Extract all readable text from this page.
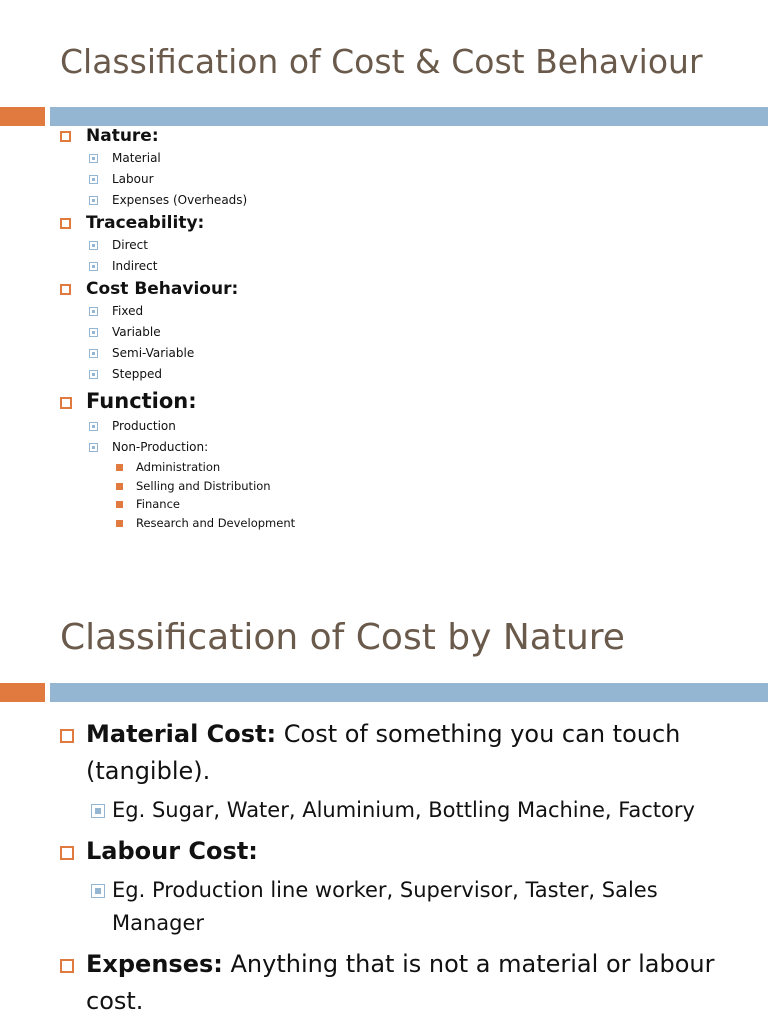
Classification of Cost & Cost Behaviour
Nature:
Material
Labour
Expenses (Overheads)
Traceability:
Direct
Indirect
Cost Behaviour:
Fixed
Variable
Semi-Variable
Stepped
Function:
Production
Non-Production:
Administration
Selling and Distribution
Finance
Research and Development
Classification of Cost by Nature
Material Cost: Cost of something you can touch (tangible).
Eg. Sugar, Water, Aluminium, Bottling Machine, Factory
Labour Cost:
Eg. Production line worker, Supervisor, Taster, Sales Manager
Expenses: Anything that is not a material or labour cost.
